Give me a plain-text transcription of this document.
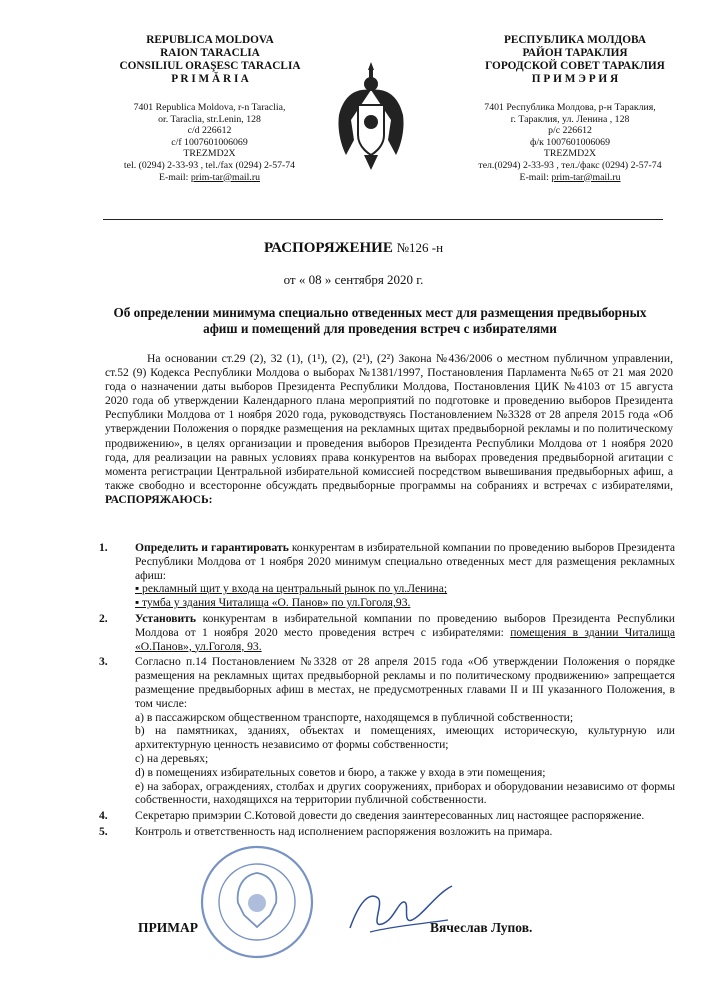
REPUBLICA MOLDOVA
RAION TARACLIA
CONSILIUL ORAŞESC TARACLIA
P R I M Ă R I A
7401 Republica Moldova, r-n Taraclia,
or. Taraclia, str.Lenin, 128
c/d 226612
c/f 1007601006069
TREZMD2X
tel. (0294) 2-33-93 , tel./fax (0294) 2-57-74
E-mail: prim-tar@mail.ru
РЕСПУБЛИКА МОЛДОВА
РАЙОН ТАРАКЛИЯ
ГОРОДСКОЙ СОВЕТ ТАРАКЛИЯ
П Р И М Э Р И Я
7401 Республика Молдова, р-н Тараклия,
г. Тараклия, ул. Ленина , 128
р/с 226612
ф/к 1007601006069
TREZMD2X
тел.(0294) 2-33-93 , тел./факс (0294) 2-57-74
E-mail: prim-tar@mail.ru
РАСПОРЯЖЕНИЕ №126 -н
от « 08 » сентября 2020 г.
Об определении минимума специально отведенных мест для размещения предвыборных афиш и помещений для проведения встреч с избирателями

На основании ст.29 (2), 32 (1), (1¹), (2), (2¹), (2²) Закона №436/2006 о местном публичном управлении, ст.52 (9) Кодекса Республики Молдова о выборах №1381/1997, Постановления Парламента №65 от 21 мая 2020 года о назначении даты выборов Президента Республики Молдова, Постановления ЦИК №4103 от 15 августа 2020 года об утверждении Календарного плана мероприятий по подготовке и проведению выборов Президента Республики Молдова от 1 ноября 2020 года, руководствуясь Постановлением №3328 от 28 апреля 2015 года «Об утверждении Положения о порядке размещения на рекламных щитах предвыборной рекламы и по политическому продвижению», в целях организации и проведения выборов Президента Республики Молдова от 1 ноября 2020 года, для реализации на равных условиях права конкурентов на выборах проведения предвыборной агитации с момента регистрации Центральной избирательной комиссией посредством вывешивания предвыборных афиш, а также свободно и всесторонне обсуждать предвыборные программы на собраниях и встречах с избирателями, РАСПОРЯЖАЮСЬ:

1. Определить и гарантировать конкурентам в избирательной компании по проведению выборов Президента Республики Молдова от 1 ноября 2020 минимум специально отведенных мест для размещения рекламных афиш:
▪ рекламный щит у входа на центральный рынок по ул.Ленина;
▪ тумба у здания Читалища «О. Панов» по ул.Гоголя,93.
2. Установить конкурентам в избирательной компании по проведению выборов Президента Республики Молдова от 1 ноября 2020 место проведения встреч с избирателями: помещения в здании Читалища «О.Панов», ул.Гоголя, 93.
3. Согласно п.14 Постановлением №3328 от 28 апреля 2015 года «Об утверждении Положения о порядке размещения на рекламных щитах предвыборной рекламы и по политическому продвижению» запрещается размещение предвыборных афиш в местах, не предусмотренных главами II и III указанного Положения, в том числе:
a) в пассажирском общественном транспорте, находящемся в публичной собственности;
b) на памятниках, зданиях, объектах и помещениях, имеющих историческую, культурную или архитектурную ценность независимо от формы собственности;
c) на деревьях;
d) в помещениях избирательных советов и бюро, а также у входа в эти помещения;
e) на заборах, ограждениях, столбах и других сооружениях, приборах и оборудовании независимо от формы собственности, находящихся на территории публичной собственности.
4. Секретарю примэрии С.Котовой довести до сведения заинтересованных лиц настоящее распоряжение.
5. Контроль и ответственность над исполнением распоряжения возложить на примара.
ПРИМАР	Вячеслав Лупов.
